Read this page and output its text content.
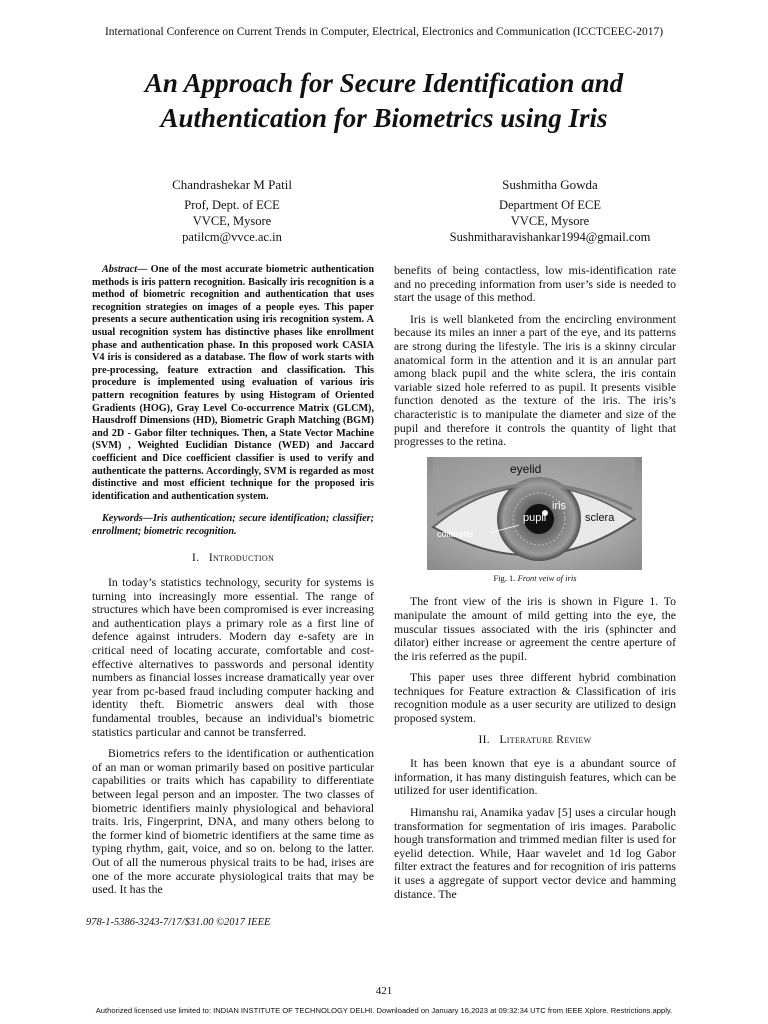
International Conference on Current Trends in Computer, Electrical, Electronics and Communication (ICCTCEEC-2017)
An Approach for Secure Identification and
Authentication for Biometrics using Iris
Chandrashekar M Patil
Prof, Dept. of ECE
VVCE, Mysore
patilcm@vvce.ac.in
Sushmitha Gowda
Department Of ECE
VVCE, Mysore
Sushmitharavishankar1994@gmail.com

Abstract— One of the most accurate biometric authentication methods is iris pattern recognition. Basically iris recognition is a method of biometric recognition and authentication that uses recognition strategies on images of a people eyes. This paper presents a secure authentication using iris recognition system. A usual recognition system has distinctive phases like enrollment phase and authentication phase. In this proposed work CASIA V4 iris is considered as a database. The flow of work starts with pre-processing, feature extraction and classification. This procedure is implemented using evaluation of various iris pattern recognition features by using Histogram of Oriented Gradients (HOG), Gray Level Co-occurrence Matrix (GLCM), Hausdroff Dimensions (HD), Biometric Graph Matching (BGM) and 2D - Gabor filter techniques. Then, a State Vector Machine (SVM) , Weighted Euclidian Distance (WED) and Jaccard coefficient and Dice coefficient classifier is used to verify and authenticate the patterns. Accordingly, SVM is regarded as most distinctive and most efficient technique for the proposed iris identification and authentication system.

Keywords—Iris authentication; secure identification; classifier; enrollment; biometric recognition.

I. Introduction

In today’s statistics technology, security for systems is turning into increasingly more essential. The range of structures which have been compromised is ever increasing and authentication plays a primary role as a first line of defence against intruders. Modern day e-safety are in critical need of locating accurate, comfortable and cost-effective alternatives to passwords and personal identity numbers as financial losses increase dramatically year over year from pc-based fraud including computer hacking and identity theft. Biometric answers deal with those fundamental troubles, because an individual's biometric statistics particular and cannot be transferred.

Biometrics refers to the identification or authentication of an man or woman primarily based on positive particular capabilities or traits which has capability to differentiate between legal person and an imposter. The two classes of biometric identifiers mainly physiological and behavioral traits. Iris, Fingerprint, DNA, and many others belong to the former kind of biometric identifiers at the same time as typing rhythm, gait, voice, and so on. belong to the latter. Out of all the numerous physical traits to be had, irises are one of the more accurate physiological traits that may be used. It has the

benefits of being contactless, low mis-identification rate and no preceding information from user’s side is needed to start the usage of this method.

Iris is well blanketed from the encircling environment because its miles an inner a part of the eye, and its patterns are strong during the lifestyle. The iris is a skinny circular anatomical form in the attention and it is an annular part among black pupil and the white sclera, the iris contain variable sized hole referred to as pupil. It presents visible function denoted as the texture of the iris. The iris’s characteristic is to manipulate the diameter and size of the pupil and therefore it controls the quantity of light that progresses to the retina.

eyelid
iris
pupil	sclera
collarette

Fig. 1. Front veiw of iris

The front view of the iris is shown in Figure 1. To manipulate the amount of mild getting into the eye, the muscular tissues associated with the iris (sphincter and dilator) either increase or agreement the centre aperture of the iris referred as the pupil.

This paper uses three different hybrid combination techniques for Feature extraction & Classification of iris recognition module as a user security are utilized to design proposed system.

II. Literature Review

It has been known that eye is a abundant source of information, it has many distinguish features, which can be utilized for user identification.

Himanshu rai, Anamika yadav [5] uses a circular hough transformation for segmentation of iris images. Parabolic hough transformation and trimmed median filter is used for eyelid detection. While, Haar wavelet and 1d log Gabor filter extract the features and for recognition of iris patterns it uses a aggregate of support vector device and hamming distance. The

978-1-5386-3243-7/17/$31.00 ©2017 IEEE
421
Authorized licensed use limited to: INDIAN INSTITUTE OF TECHNOLOGY DELHI. Downloaded on January 16,2023 at 09:32:34 UTC from IEEE Xplore. Restrictions apply.
